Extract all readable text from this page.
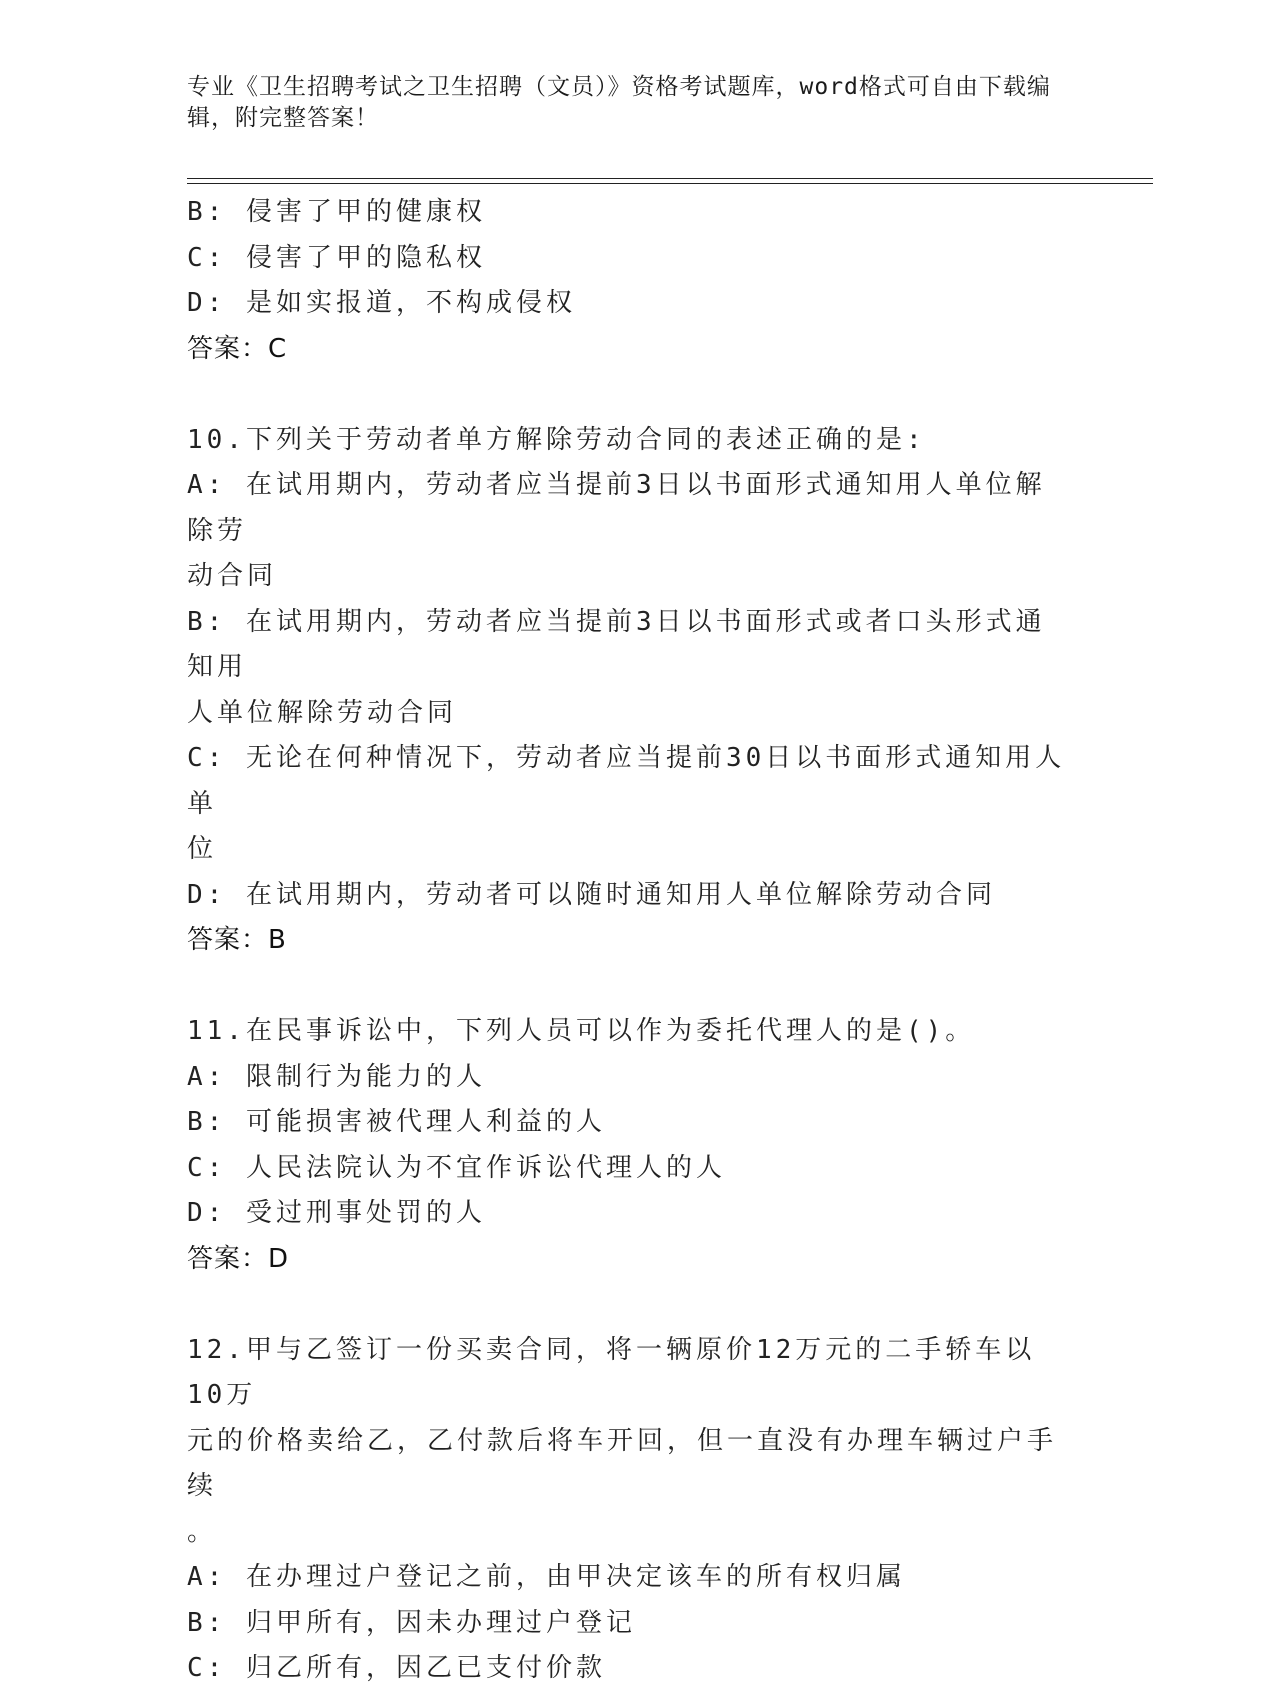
专业《卫生招聘考试之卫生招聘（文员）》资格考试题库，word格式可自由下载编辑，附完整答案！
B: 侵害了甲的健康权
C: 侵害了甲的隐私权
D: 是如实报道，不构成侵权
答案：C
10.下列关于劳动者单方解除劳动合同的表述正确的是:
A: 在试用期内，劳动者应当提前3日以书面形式通知用人单位解除劳
动合同
B: 在试用期内，劳动者应当提前3日以书面形式或者口头形式通知用
人单位解除劳动合同
C: 无论在何种情况下，劳动者应当提前30日以书面形式通知用人单
位
D: 在试用期内，劳动者可以随时通知用人单位解除劳动合同
答案：B
11.在民事诉讼中，下列人员可以作为委托代理人的是()。
A: 限制行为能力的人
B: 可能损害被代理人利益的人
C: 人民法院认为不宜作诉讼代理人的人
D: 受过刑事处罚的人
答案：D
12.甲与乙签订一份买卖合同，将一辆原价12万元的二手轿车以10万
元的价格卖给乙，乙付款后将车开回，但一直没有办理车辆过户手续
。
A: 在办理过户登记之前，由甲决定该车的所有权归属
B: 归甲所有，因未办理过户登记
C: 归乙所有，因乙已支付价款
